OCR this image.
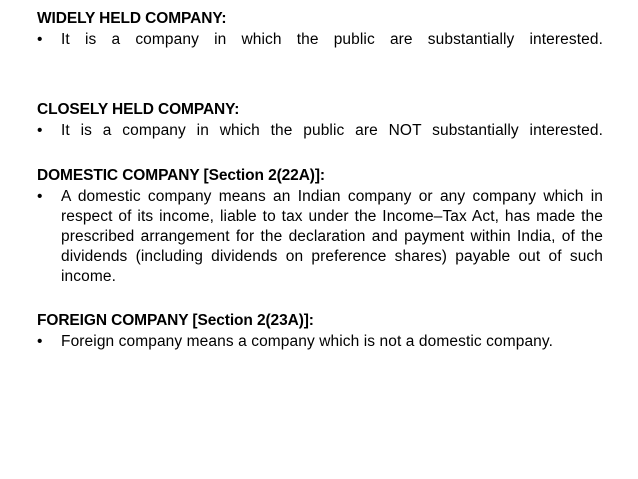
WIDELY HELD COMPANY:
•	It is a company in which the public are substantially interested.
CLOSELY HELD COMPANY:
•	It is a company in which the public are NOT substantially interested.
DOMESTIC COMPANY [Section 2(22A)]:
•	A domestic company means an Indian company or any company which in respect of its income, liable to tax under the Income–Tax Act, has made the prescribed arrangement for the declaration and payment within India, of the dividends (including dividends on preference shares) payable out of such income.
FOREIGN COMPANY [Section 2(23A)]:
•	Foreign company means a company which is not a domestic company.
